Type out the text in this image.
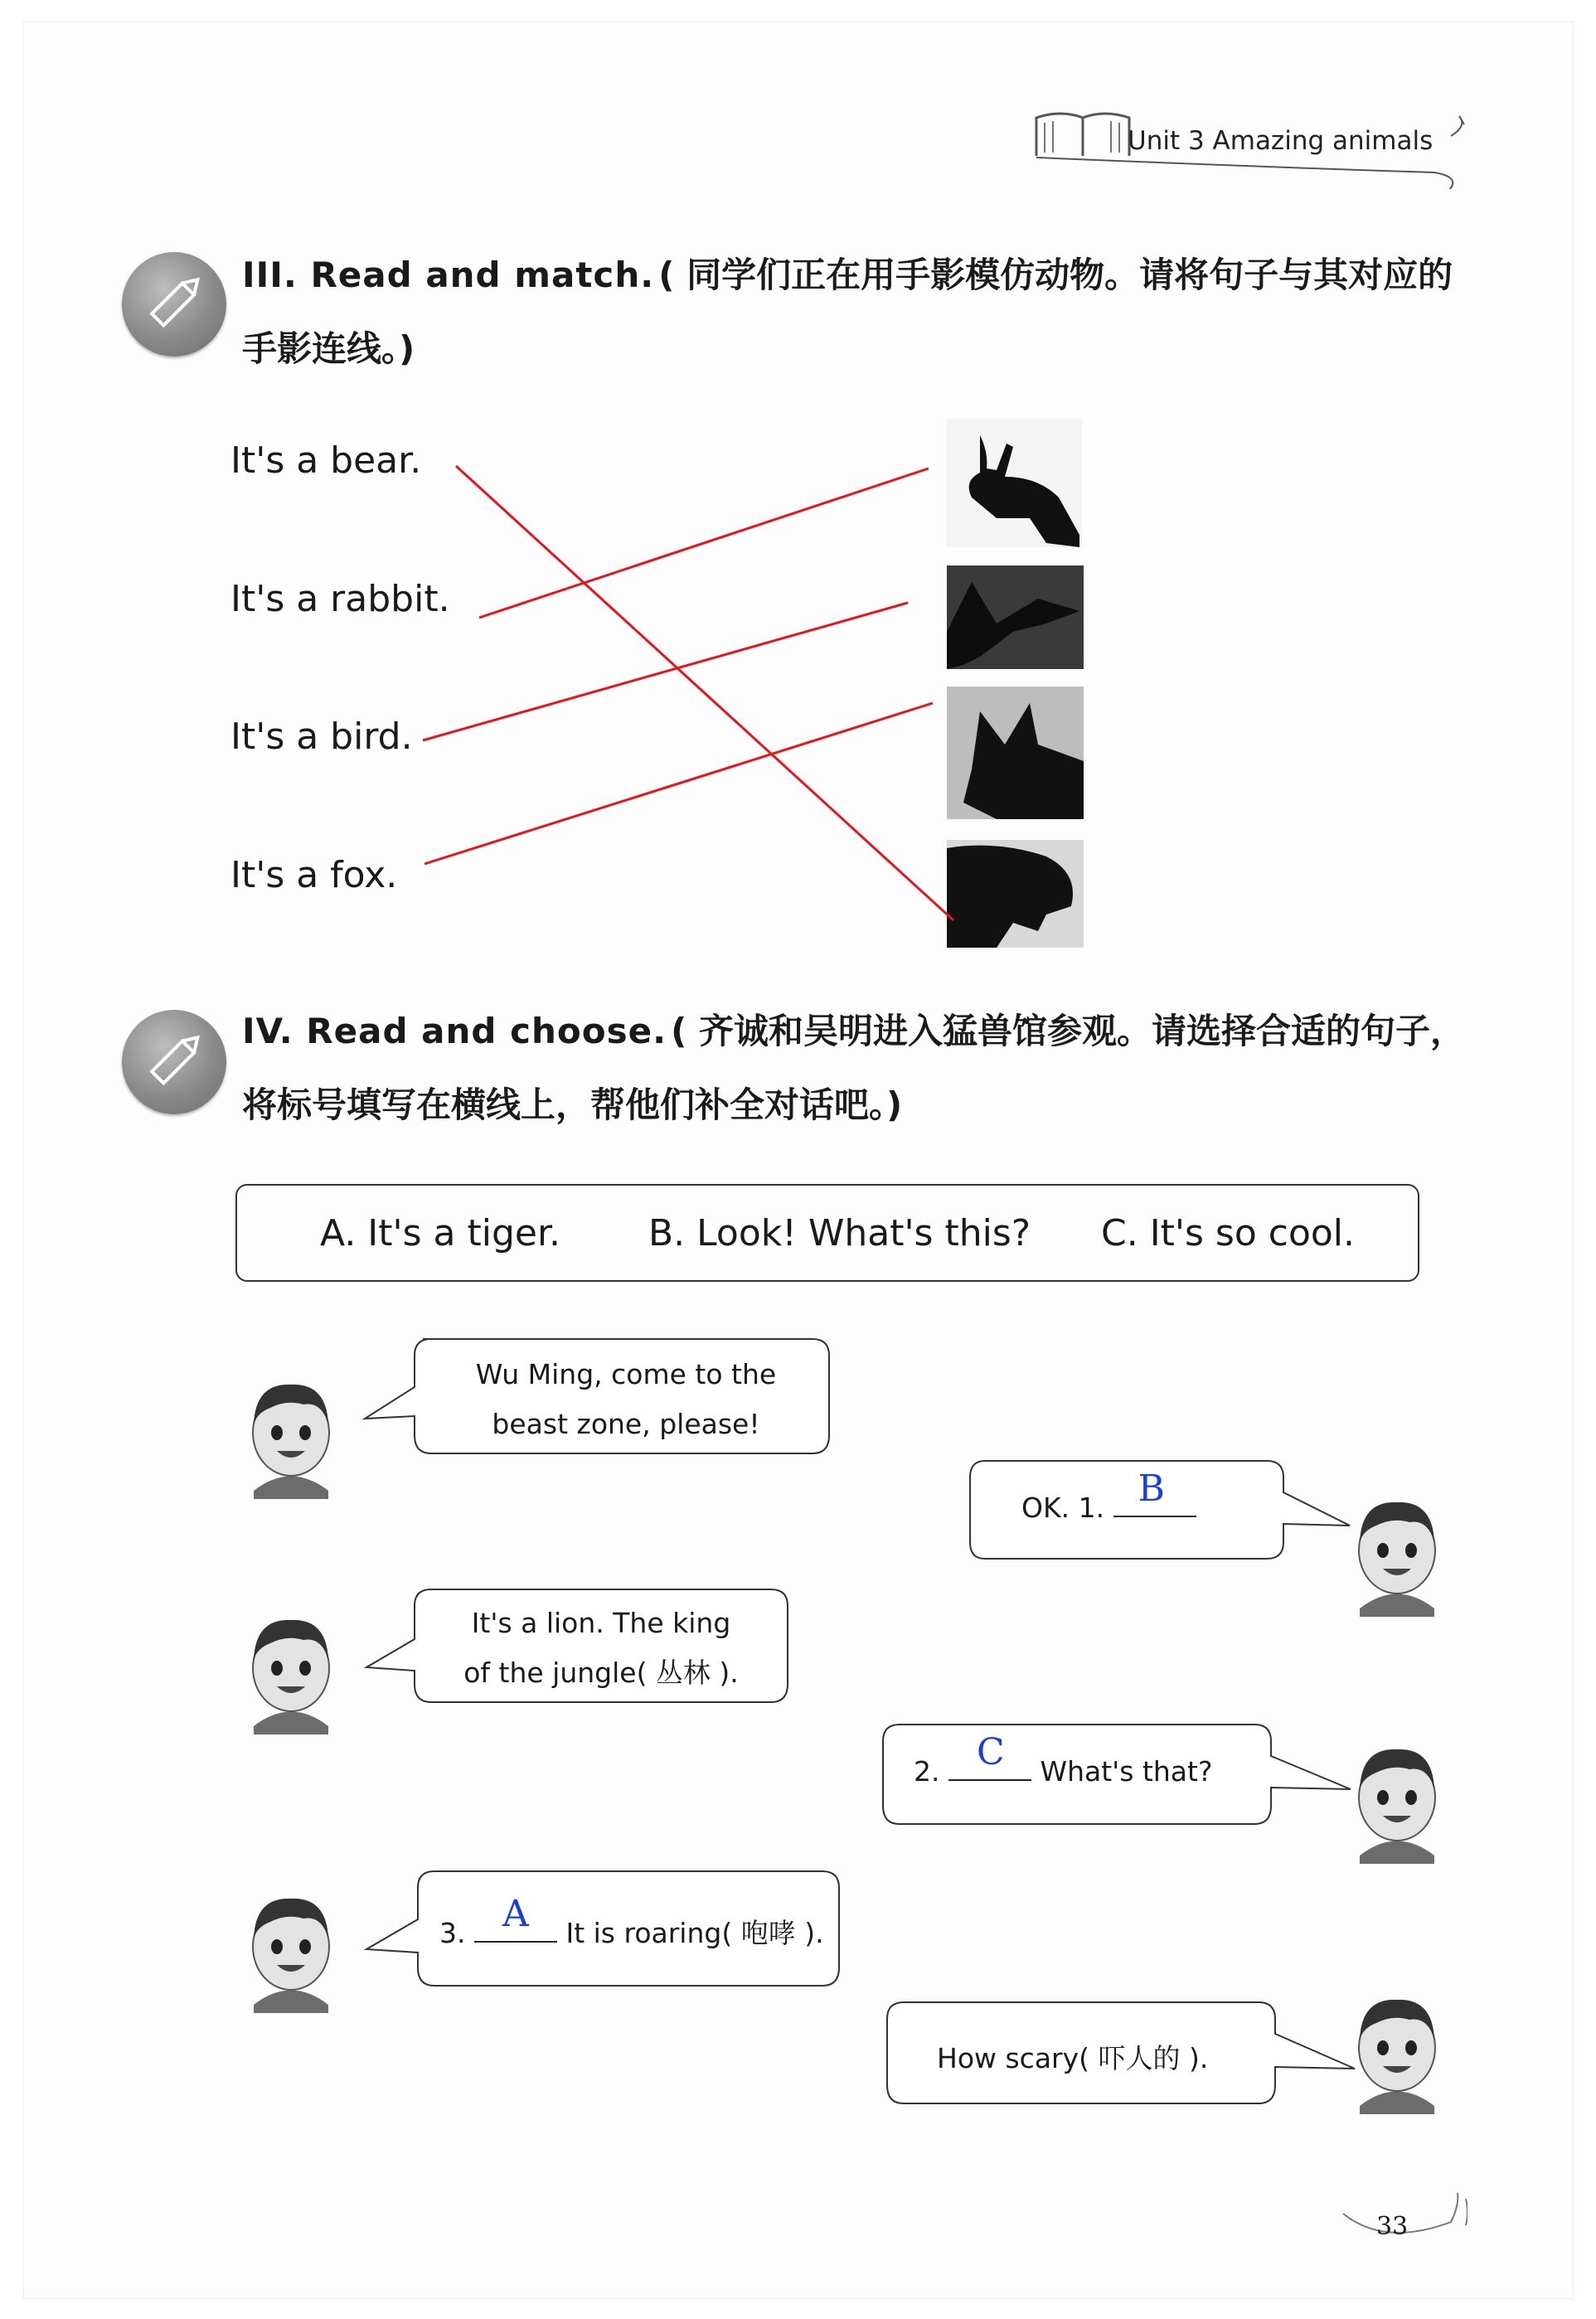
Unit 3 Amazing animals
III. Read and match. ( 同学们正在用手影模仿动物。请将句子与其对应的手影连线。)
It's a bear.
It's a rabbit.
It's a bird.
It's a fox.
IV. Read and choose. ( 齐诚和吴明进入猛兽馆参观。请选择合适的句子，将标号填写在横线上，帮他们补全对话吧。)
A. It's a tiger. B. Look! What's this? C. It's so cool.
Wu Ming, come to the
beast zone, please!
OK. 1. B
It's a lion. The king
of the jungle( 丛林 ).
2. C What's that?
3. A It is roaring( 咆哮 ).
How scary( 吓人的 ).
33
